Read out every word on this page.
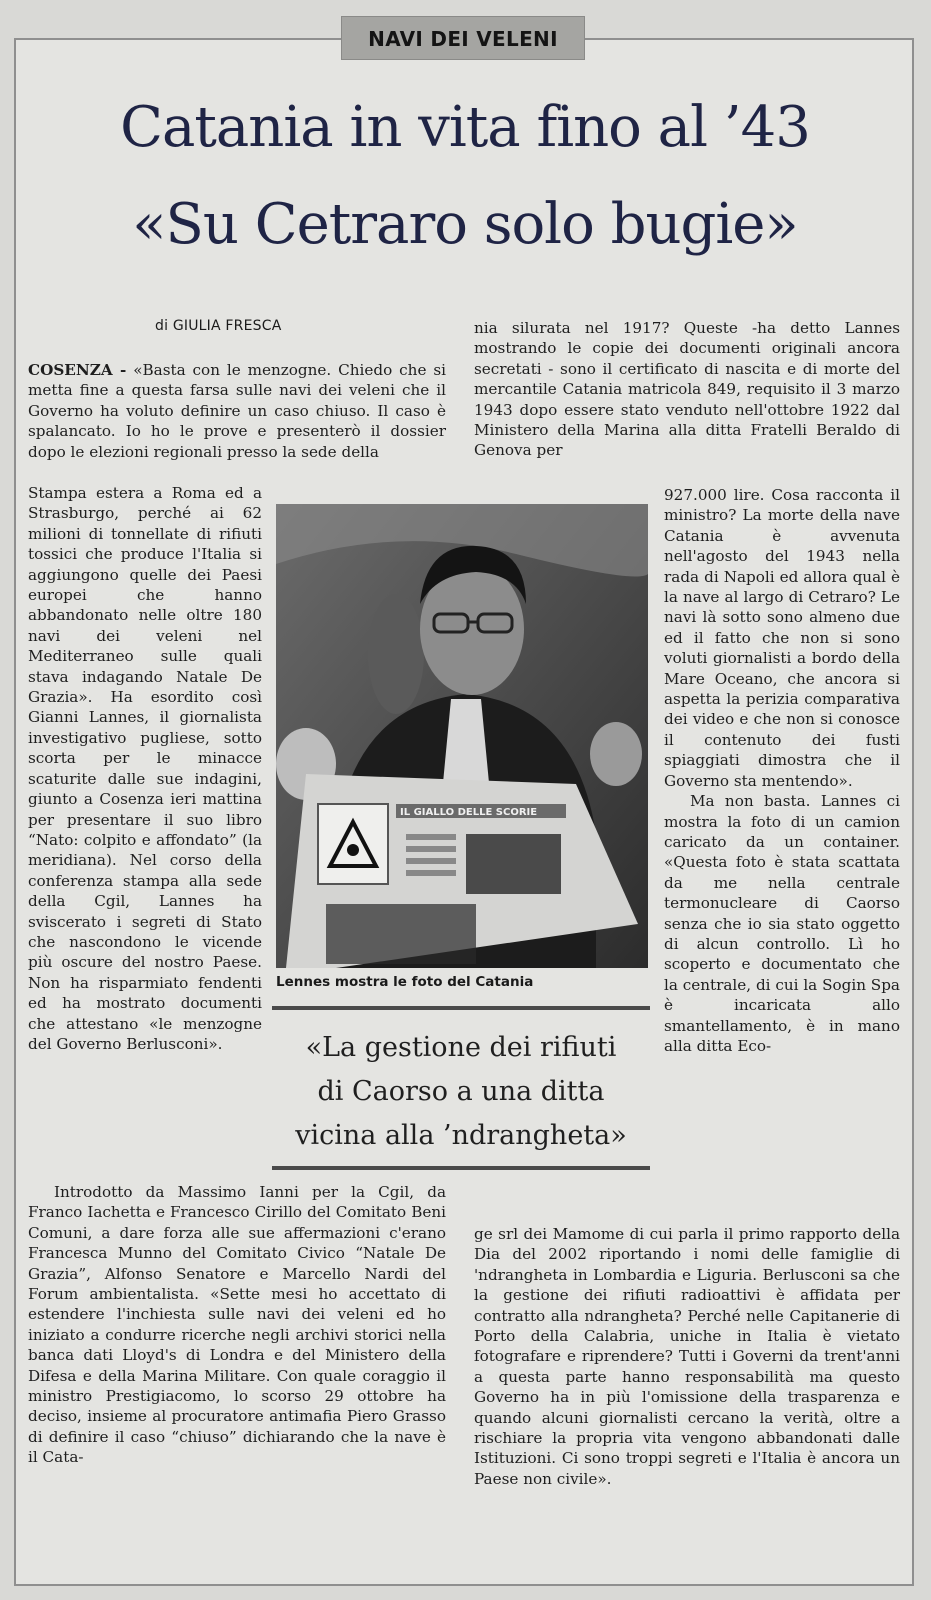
NAVI DEI VELENI
Catania in vita fino al ’43
«Su Cetraro solo bugie»
di GIULIA FRESCA

COSENZA - «Basta con le menzogne. Chiedo che si metta fine a questa farsa sulle navi dei veleni che il Governo ha voluto definire un caso chiuso. Il caso è spalancato. Io ho le prove e presenterò il dossier dopo le elezioni regionali presso la sede della

Stampa estera a Roma ed a Strasburgo, perché ai 62 milioni di tonnellate di rifiuti tossici che produce l'Italia si aggiungono quelle dei Paesi europei che hanno abbandonato nelle oltre 180 navi dei veleni nel Mediterraneo sulle quali stava indagando Natale De Grazia». Ha esordito così Gianni Lannes, il giornalista investigativo pugliese, sotto scorta per le minacce scaturite dalle sue indagini, giunto a Cosenza ieri mattina per presentare il suo libro “Nato: colpito e affondato” (la meridiana). Nel corso della conferenza stampa alla sede della Cgil, Lannes ha sviscerato i segreti di Stato che nascondono le vicende più oscure del nostro Paese. Non ha risparmiato fendenti ed ha mostrato documenti che attestano «le menzogne del Governo Berlusconi».

Introdotto da Massimo Ianni per la Cgil, da Franco Iachetta e Francesco Cirillo del Comitato Beni Comuni, a dare forza alle sue affermazioni c'erano Francesca Munno del Comitato Civico “Natale De Grazia”, Alfonso Senatore e Marcello Nardi del Forum ambientalista. «Sette mesi ho accettato di estendere l'inchiesta sulle navi dei veleni ed ho iniziato a condurre ricerche negli archivi storici nella banca dati Lloyd's di Londra e del Ministero della Difesa e della Marina Militare. Con quale coraggio il ministro Prestigiacomo, lo scorso 29 ottobre ha deciso, insieme al procuratore antimafia Piero Grasso di definire il caso “chiuso” dichiarando che la nave è il Cata-

nia silurata nel 1917? Queste -ha detto Lannes mostrando le copie dei documenti originali ancora secretati - sono il certificato di nascita e di morte del mercantile Catania matricola 849, requisito il 3 marzo 1943 dopo essere stato venduto nell'ottobre 1922 dal Ministero della Marina alla ditta Fratelli Beraldo di Genova per

927.000 lire. Cosa racconta il ministro? La morte della nave Catania è avvenuta nell'agosto del 1943 nella rada di Napoli ed allora qual è la nave al largo di Cetraro? Le navi là sotto sono almeno due ed il fatto che non si sono voluti giornalisti a bordo della Mare Oceano, che ancora si aspetta la perizia comparativa dei video e che non si conosce il contenuto dei fusti spiaggiati dimostra che il Governo sta mentendo».

Ma non basta. Lannes ci mostra la foto di un camion caricato da un container. «Questa foto è stata scattata da me nella centrale termonucleare di Caorso senza che io sia stato oggetto di alcun controllo. Lì ho scoperto e documentato che la centrale, di cui la Sogin Spa è incaricata allo smantellamento, è in mano alla ditta Eco-

ge srl dei Mamome di cui parla il primo rapporto della Dia del 2002 riportando i nomi delle famiglie di 'ndrangheta in Lombardia e Liguria. Berlusconi sa che la gestione dei rifiuti radioattivi è affidata per contratto alla ndrangheta? Perché nelle Capitanerie di Porto della Calabria, uniche in Italia è vietato fotografare e riprendere? Tutti i Governi da trent'anni a questa parte hanno responsabilità ma questo Governo ha in più l'omissione della trasparenza e quando alcuni giornalisti cercano la verità, oltre a rischiare la propria vita vengono abbandonati dalle Istituzioni. Ci sono troppi segreti e l'Italia è ancora un Paese non civile».

IL GIALLO DELLE SCORIE
Lennes mostra le foto del Catania
«La gestione dei rifiuti
di Caorso a una ditta
vicina alla ’ndrangheta»
